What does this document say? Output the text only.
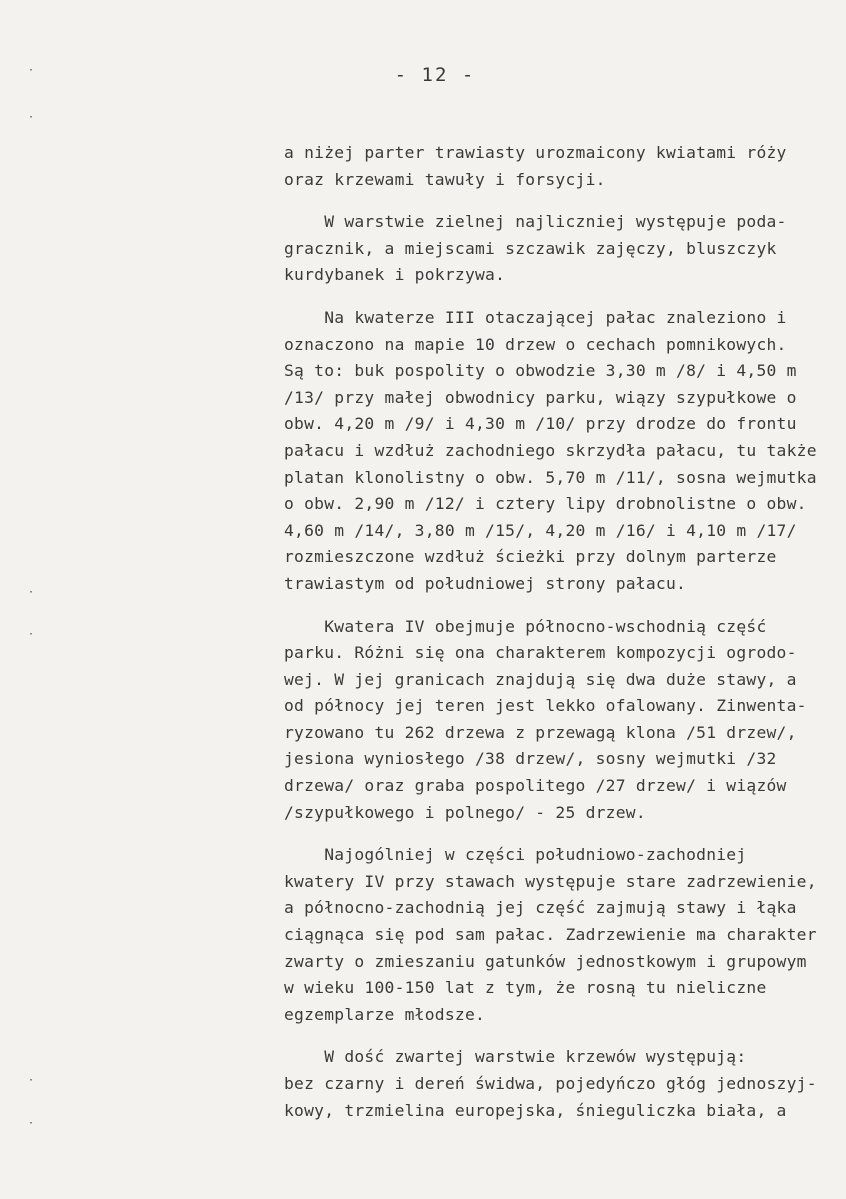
- 12 -
·
·
·
·
·
·
a niżej parter trawiasty urozmaicony kwiatami róży
oraz krzewami tawuły i forsycji.
W warstwie zielnej najliczniej występuje poda-
gracznik, a miejscami szczawik zajęczy, bluszczyk
kurdybanek i pokrzywa.
Na kwaterze III otaczającej pałac znaleziono i
oznaczono na mapie 10 drzew o cechach pomnikowych.
Są to: buk pospolity o obwodzie 3,30 m /8/ i 4,50 m
/13/ przy małej obwodnicy parku, wiązy szypułkowe o
obw. 4,20 m /9/ i 4,30 m /10/ przy drodze do frontu
pałacu i wzdłuż zachodniego skrzydła pałacu, tu także
platan klonolistny o obw. 5,70 m /11/, sosna wejmutka
o obw. 2,90 m /12/ i cztery lipy drobnolistne o obw.
4,60 m /14/, 3,80 m /15/, 4,20 m /16/ i 4,10 m /17/
rozmieszczone wzdłuż ścieżki przy dolnym parterze
trawiastym od południowej strony pałacu.
Kwatera IV obejmuje północno-wschodnią część
parku. Różni się ona charakterem kompozycji ogrodo-
wej. W jej granicach znajdują się dwa duże stawy, a
od północy jej teren jest lekko ofalowany. Zinwenta-
ryzowano tu 262 drzewa z przewagą klona /51 drzew/,
jesiona wyniosłego /38 drzew/, sosny wejmutki /32
drzewa/ oraz graba pospolitego /27 drzew/ i wiązów
/szypułkowego i polnego/ - 25 drzew.
Najogólniej w części południowo-zachodniej
kwatery IV przy stawach występuje stare zadrzewienie,
a północno-zachodnią jej część zajmują stawy i łąka
ciągnąca się pod sam pałac. Zadrzewienie ma charakter
zwarty o zmieszaniu gatunków jednostkowym i grupowym
w wieku 100-150 lat z tym, że rosną tu nieliczne
egzemplarze młodsze.
W dość zwartej warstwie krzewów występują:
bez czarny i dereń świdwa, pojedyńczo głóg jednoszyj-
kowy, trzmielina europejska, śnieguliczka biała, a
